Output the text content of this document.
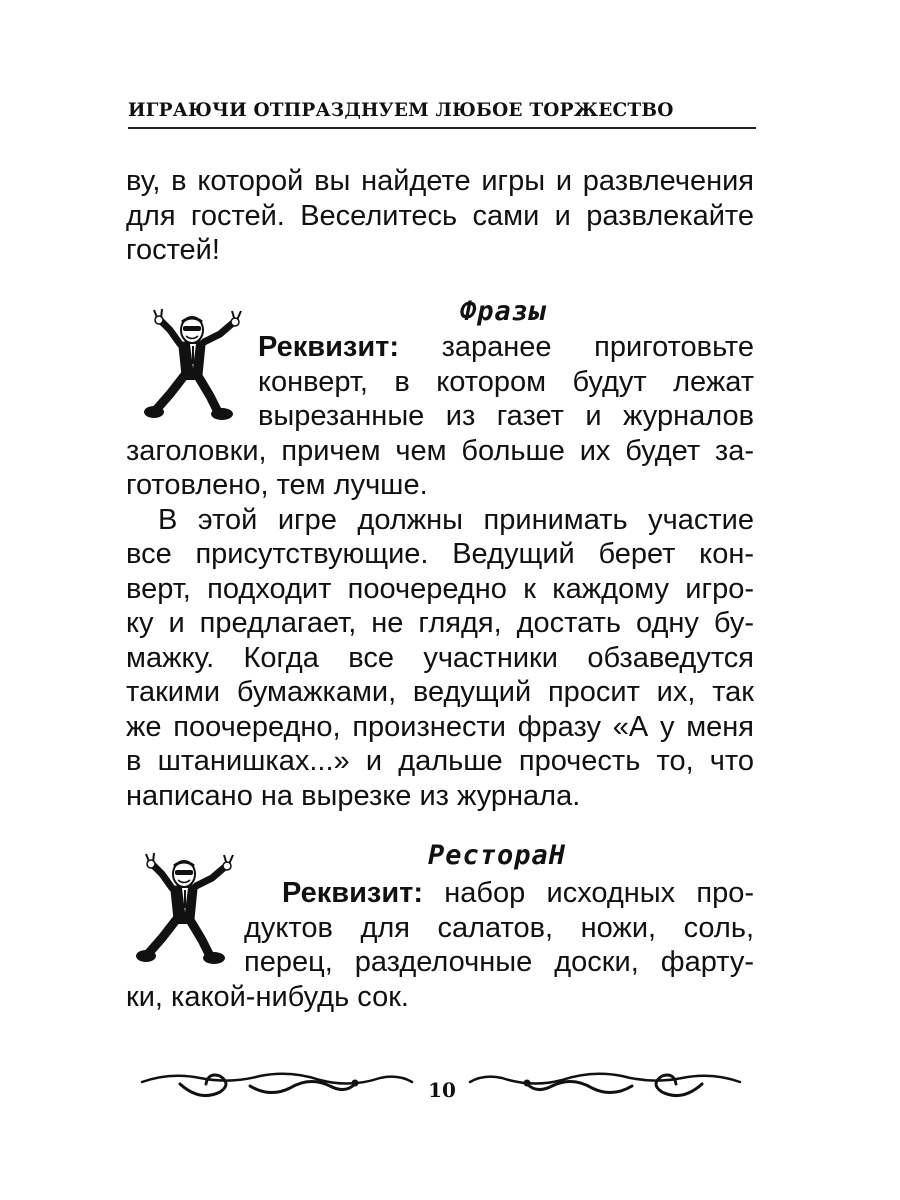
ИГРАЮЧИ ОТПРАЗДНУЕМ ЛЮБОЕ ТОРЖЕСТВО
ву, в которой вы найдете игры и развлечения
для гостей. Веселитесь сами и развлекайте
гостей!
Фразы
Реквизит: заранее приготовьте
конверт, в котором будут лежат
вырезанные из газет и журналов
заголовки, причем чем больше их будет за-
готовлено, тем лучше.
В этой игре должны принимать участие
все присутствующие. Ведущий берет кон-
верт, подходит поочередно к каждому игро-
ку и предлагает, не глядя, достать одну бу-
мажку. Когда все участники обзаведутся
такими бумажками, ведущий просит их, так
же поочередно, произнести фразу «А у меня
в штанишках...» и дальше прочесть то, что
написано на вырезке из журнала.
РестораН
Реквизит: набор исходных про-
дуктов для салатов, ножи, соль,
перец, разделочные доски, фарту-
ки, какой-нибудь сок.
10
